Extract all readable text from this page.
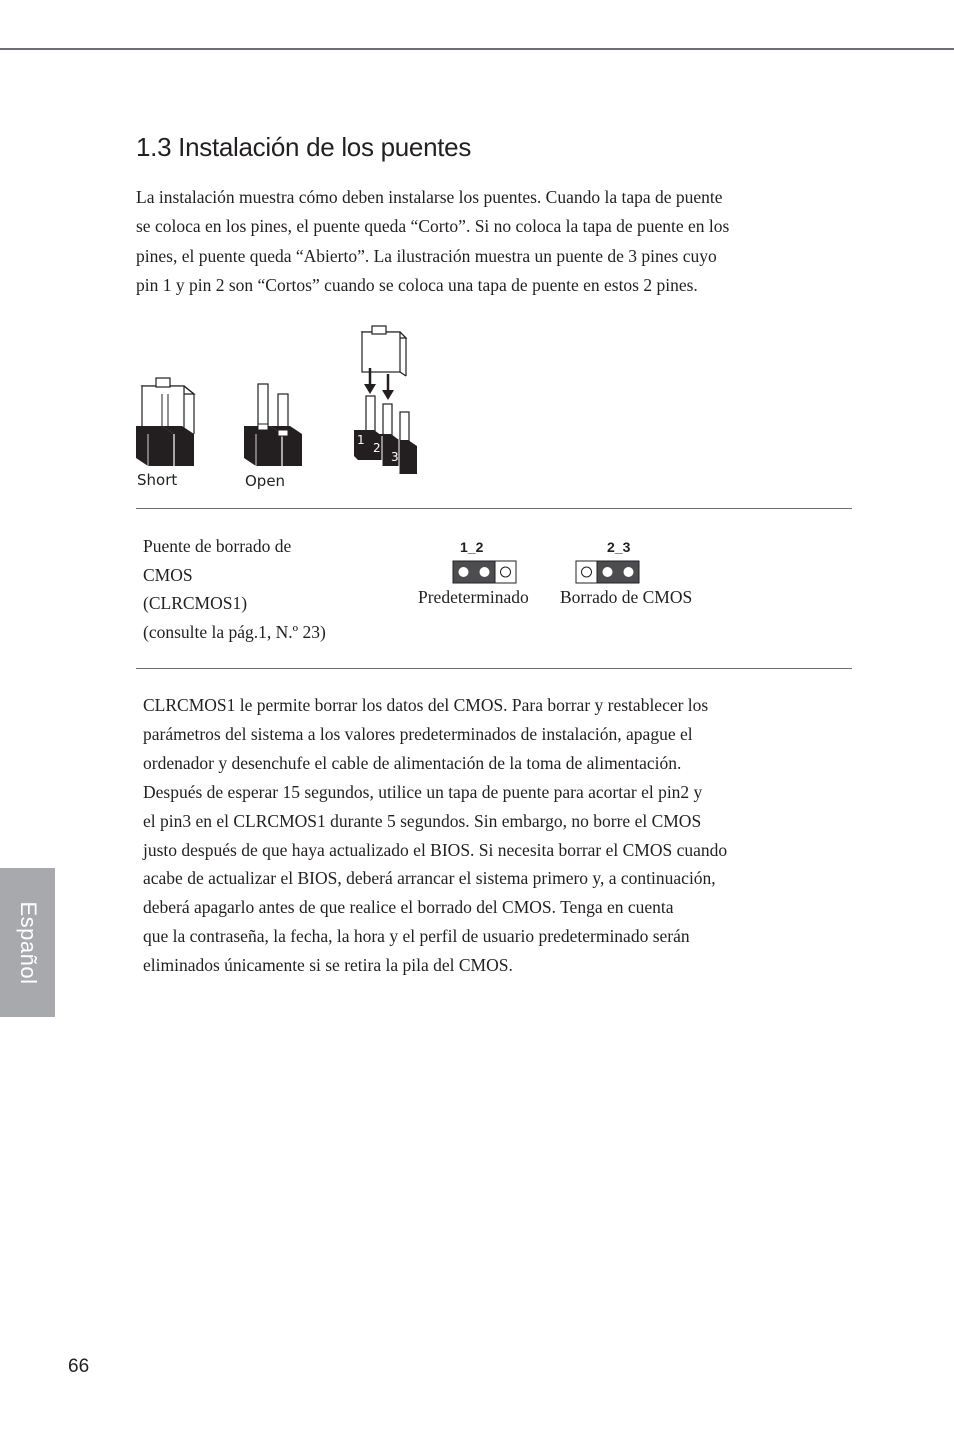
1.3 Instalación de los puentes

La instalación muestra cómo deben instalarse los puentes. Cuando la tapa de puente
se coloca en los pines, el puente queda “Corto”. Si no coloca la tapa de puente en los
pines, el puente queda “Abierto”. La ilustración muestra un puente de 3 pines cuyo
pin 1 y pin 2 son “Cortos” cuando se coloca una tapa de puente en estos 2 pines.

1
2
3
Short	Open

Puente de borrado de
CMOS
(CLRCMOS1)
(consulte la pág.1, N.º 23)

1_2
Predeterminado
2_3
Borrado de CMOS

CLRCMOS1 le permite borrar los datos del CMOS. Para borrar y restablecer los
parámetros del sistema a los valores predeterminados de instalación, apague el
ordenador y desenchufe el cable de alimentación de la toma de alimentación.
Después de esperar 15 segundos, utilice un tapa de puente para acortar el pin2 y
el pin3 en el CLRCMOS1 durante 5 segundos. Sin embargo, no borre el CMOS
justo después de que haya actualizado el BIOS. Si necesita borrar el CMOS cuando
acabe de actualizar el BIOS, deberá arrancar el sistema primero y, a continuación,
deberá apagarlo antes de que realice el borrado del CMOS. Tenga en cuenta
que la contraseña, la fecha, la hora y el perfil de usuario predeterminado serán
eliminados únicamente si se retira la pila del CMOS.

Español
66
